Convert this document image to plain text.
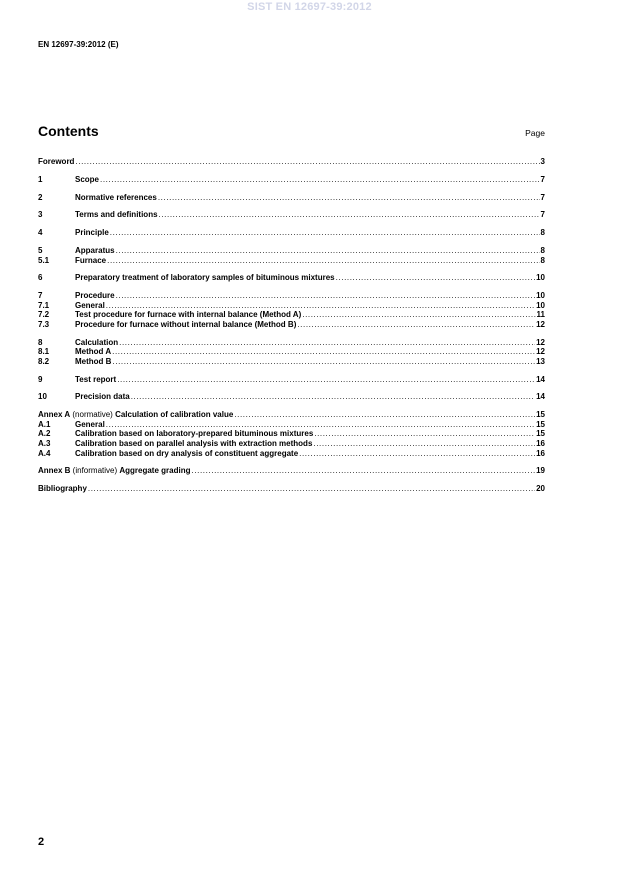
SIST EN 12697-39:2012
EN 12697-39:2012 (E)
Contents	Page
Foreword .....	3
1	Scope .....	7
2	Normative references .....	7
3	Terms and definitions .....	7
4	Principle .....	8
5	Apparatus .....	8
5.1	Furnace .....	8
6	Preparatory treatment of laboratory samples of bituminous mixtures .....	10
7	Procedure .....	10
7.1	General .....	10
7.2	Test procedure for furnace with internal balance (Method A) .....	11
7.3	Procedure for furnace without internal balance (Method B) .....	12
8	Calculation .....	12
8.1	Method A .....	12
8.2	Method B .....	13
9	Test report .....	14
10	Precision data .....	14
Annex A (normative) Calculation of calibration value .....	15
A.1	General .....	15
A.2	Calibration based on laboratory-prepared bituminous mixtures .....	15
A.3	Calibration based on parallel analysis with extraction methods .....	16
A.4	Calibration based on dry analysis of constituent aggregate .....	16
Annex B (informative) Aggregate grading .....	19
Bibliography .....	20
2
